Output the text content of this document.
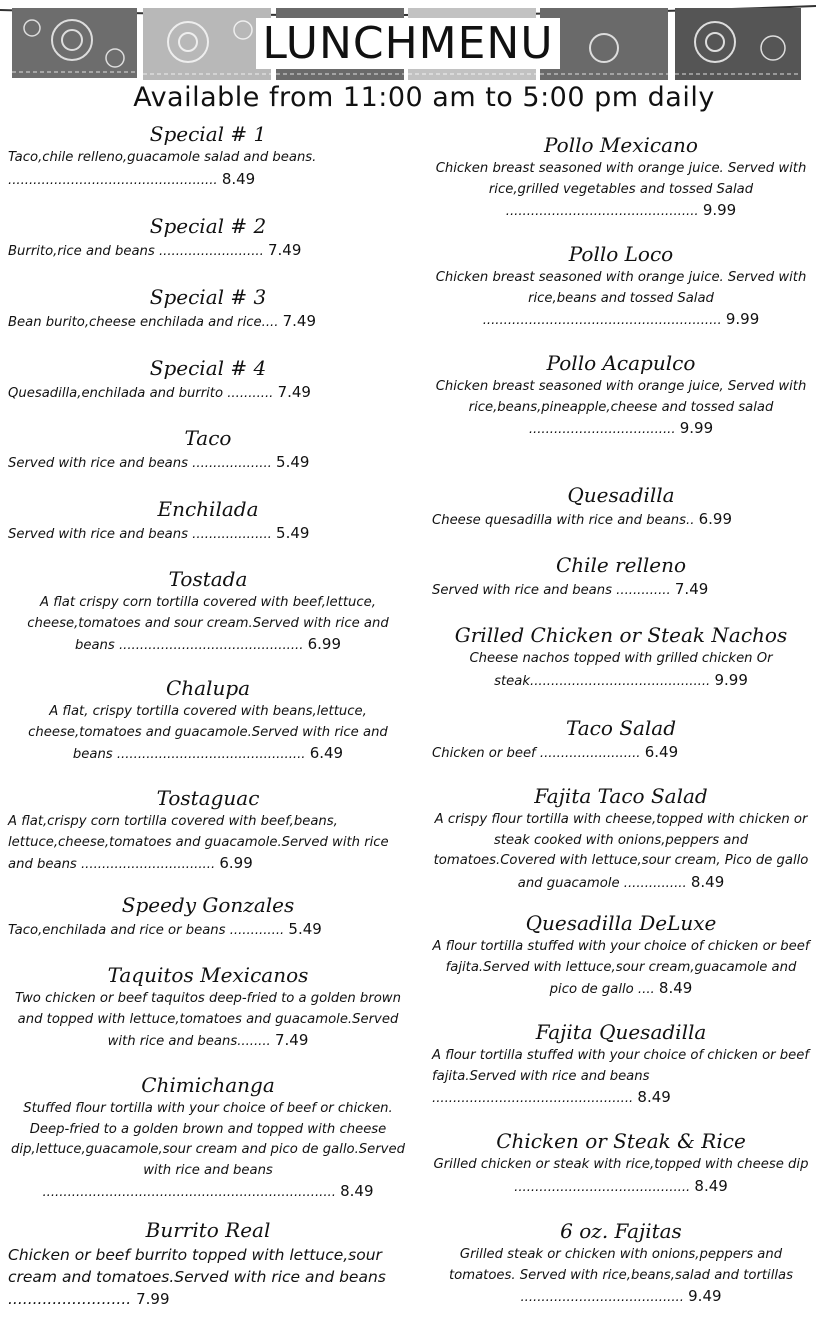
LUNCHMENU
Available from 11:00 am to 5:00 pm daily
Special # 1
Taco,chile relleno,guacamole salad and beans. .................................................. 8.49
Special # 2
Burrito,rice and beans ......................... 7.49
Special # 3
Bean burito,cheese enchilada and rice.... 7.49
Special # 4
Quesadilla,enchilada and burrito ........... 7.49
Taco
Served with rice and beans ................... 5.49
Enchilada
Served with rice and beans ................... 5.49
Tostada
A flat crispy corn tortilla covered with beef,lettuce, cheese,tomatoes and sour cream.Served with rice and beans ............................................ 6.99
Chalupa
A flat, crispy tortilla covered with beans,lettuce, cheese,tomatoes and guacamole.Served with rice and beans ............................................. 6.49
Tostaguac
A flat,crispy corn tortilla covered with beef,beans, lettuce,cheese,tomatoes and guacamole.Served with rice and beans ................................ 6.99
Speedy Gonzales
Taco,enchilada and rice or beans ............. 5.49
Taquitos Mexicanos
Two chicken or beef taquitos deep-fried to a golden brown and topped with lettuce,tomatoes and guacamole.Served with rice and beans........ 7.49
Chimichanga
Stuffed flour tortilla with your choice of beef or chicken. Deep-fried to a golden brown and topped with cheese dip,lettuce,guacamole,sour cream and pico de gallo.Served with rice and beans ...................................................................... 8.49
Burrito Real
Chicken or beef burrito topped with lettuce,sour cream and tomatoes.Served with rice and beans ......................... 7.99
Pollo Mexicano
Chicken breast seasoned with orange juice. Served with rice,grilled vegetables and tossed Salad .............................................. 9.99
Pollo Loco
Chicken breast seasoned with orange juice. Served with rice,beans and tossed Salad ......................................................... 9.99
Pollo Acapulco
Chicken breast seasoned with orange juice, Served with rice,beans,pineapple,cheese and tossed salad ................................... 9.99
Quesadilla
Cheese quesadilla with rice and beans.. 6.99
Chile relleno
Served with rice and beans ............. 7.49
Grilled Chicken or Steak Nachos
Cheese nachos topped with grilled chicken Or steak........................................... 9.99
Taco Salad
Chicken or beef ........................ 6.49
Fajita Taco Salad
A crispy flour tortilla with cheese,topped with chicken or steak cooked with onions,peppers and tomatoes.Covered with lettuce,sour cream, Pico de gallo and guacamole ............... 8.49
Quesadilla DeLuxe
A flour tortilla stuffed with your choice of chicken or beef fajita.Served with lettuce,sour cream,guacamole and pico de gallo .... 8.49
Fajita Quesadilla
A flour tortilla stuffed with your choice of chicken or beef fajita.Served with rice and beans ................................................ 8.49
Chicken or Steak & Rice
Grilled chicken or steak with rice,topped with cheese dip .......................................... 8.49
6 oz. Fajitas
Grilled steak or chicken with onions,peppers and tomatoes. Served with rice,beans,salad and tortillas ....................................... 9.49
